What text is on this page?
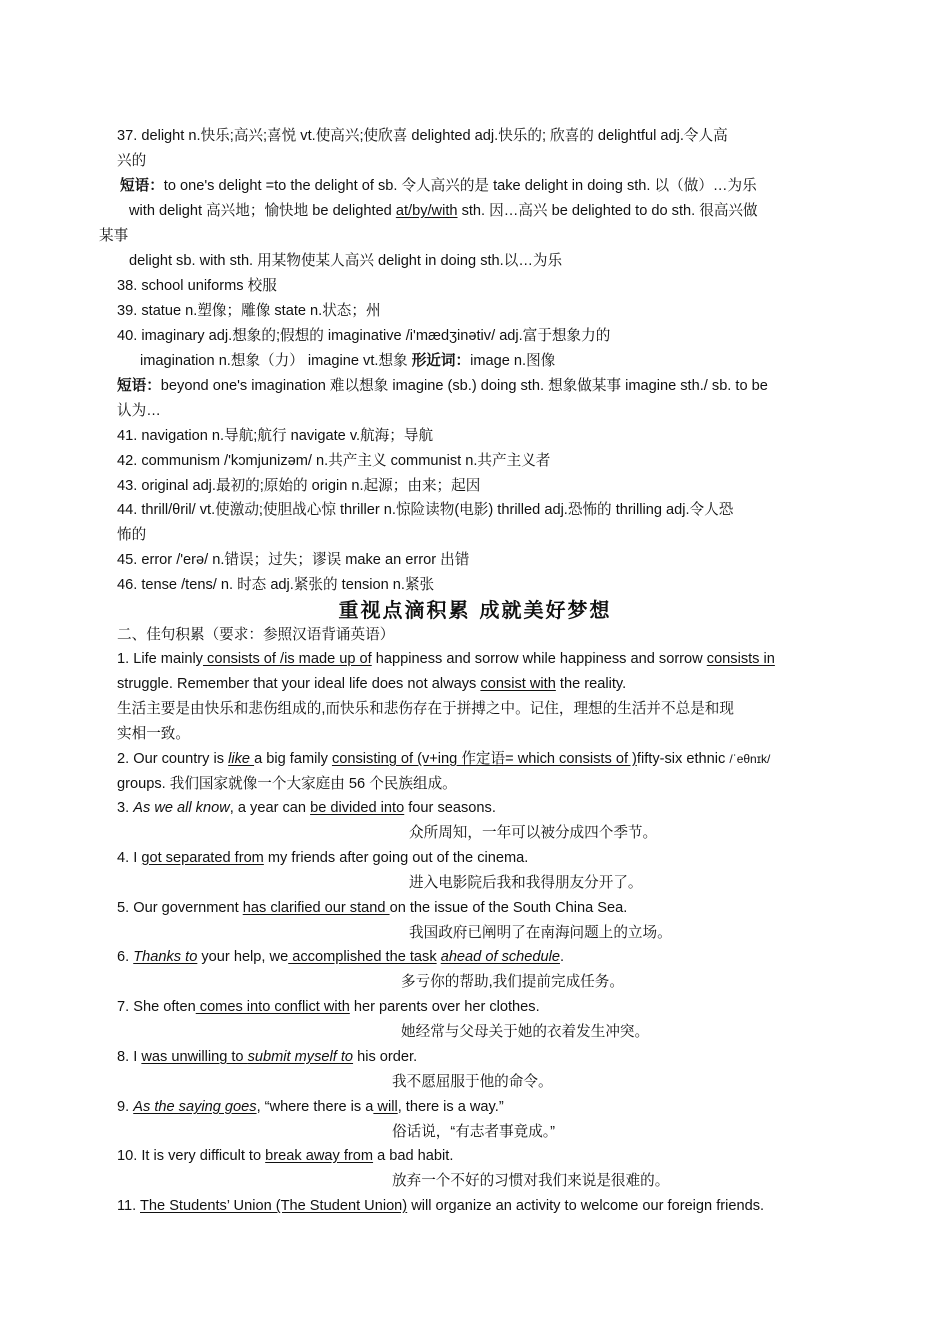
37. delight n.快乐;高兴;喜悦 vt.使高兴;使欣喜 delighted adj.快乐的; 欣喜的 delightful adj.令人高
兴的
短语：to one's delight =to the delight of sb. 令人高兴的是 take delight in doing sth. 以（做）…为乐
with delight 高兴地；愉快地 be delighted at/by/with sth. 因…高兴 be delighted to do sth. 很高兴做
某事
delight sb. with sth. 用某物使某人高兴 delight in doing sth.以…为乐
38. school uniforms 校服
39. statue n.塑像；雕像 state n.状态；州
40. imaginary adj.想象的;假想的 imaginative /i'mædʒinətiv/ adj.富于想象力的
imagination n.想象（力） imagine vt.想象 形近词：image n.图像
短语：beyond one's imagination 难以想象 imagine (sb.) doing sth. 想象做某事 imagine sth./ sb. to be
认为…
41. navigation n.导航;航行 navigate v.航海；导航
42. communism /'kɔmjunizəm/ n.共产主义 communist n.共产主义者
43. original adj.最初的;原始的 origin n.起源；由来；起因
44. thrill/θril/ vt.使激动;使胆战心惊 thriller n.惊险读物(电影) thrilled adj.恐怖的 thrilling adj.令人恐
怖的
45. error /'erə/ n.错误；过失；谬误 make an error 出错
46. tense /tens/ n. 时态 adj.紧张的 tension n.紧张
重视点滴积累 成就美好梦想
二、佳句积累（要求：参照汉语背诵英语）
1. Life mainly consists of /is made up of happiness and sorrow while happiness and sorrow consists in
struggle. Remember that your ideal life does not always consist with the reality.
生活主要是由快乐和悲伤组成的,而快乐和悲伤存在于拼搏之中。记住，理想的生活并不总是和现
实相一致。
2. Our country is like a big family consisting of (v+ing 作定语= which consists of )fifty-six ethnic /ˈeθnɪk/
groups. 我们国家就像一个大家庭由 56 个民族组成。
3. As we all know, a year can be divided into four seasons.
众所周知，一年可以被分成四个季节。
4. I got separated from my friends after going out of the cinema.
进入电影院后我和我得朋友分开了。
5. Our government has clarified our stand on the issue of the South China Sea.
我国政府已阐明了在南海问题上的立场。
6. Thanks to your help, we accomplished the task ahead of schedule.
多亏你的帮助,我们提前完成任务。
7. She often comes into conflict with her parents over her clothes.
她经常与父母关于她的衣着发生冲突。
8. I was unwilling to submit myself to his order.
我不愿屈服于他的命令。
9. As the saying goes, “where there is a will, there is a way.”
俗话说，“有志者事竟成。”
10. It is very difficult to break away from a bad habit.
放弃一个不好的习惯对我们来说是很难的。
11. The Students’ Union (The Student Union) will organize an activity to welcome our foreign friends.
